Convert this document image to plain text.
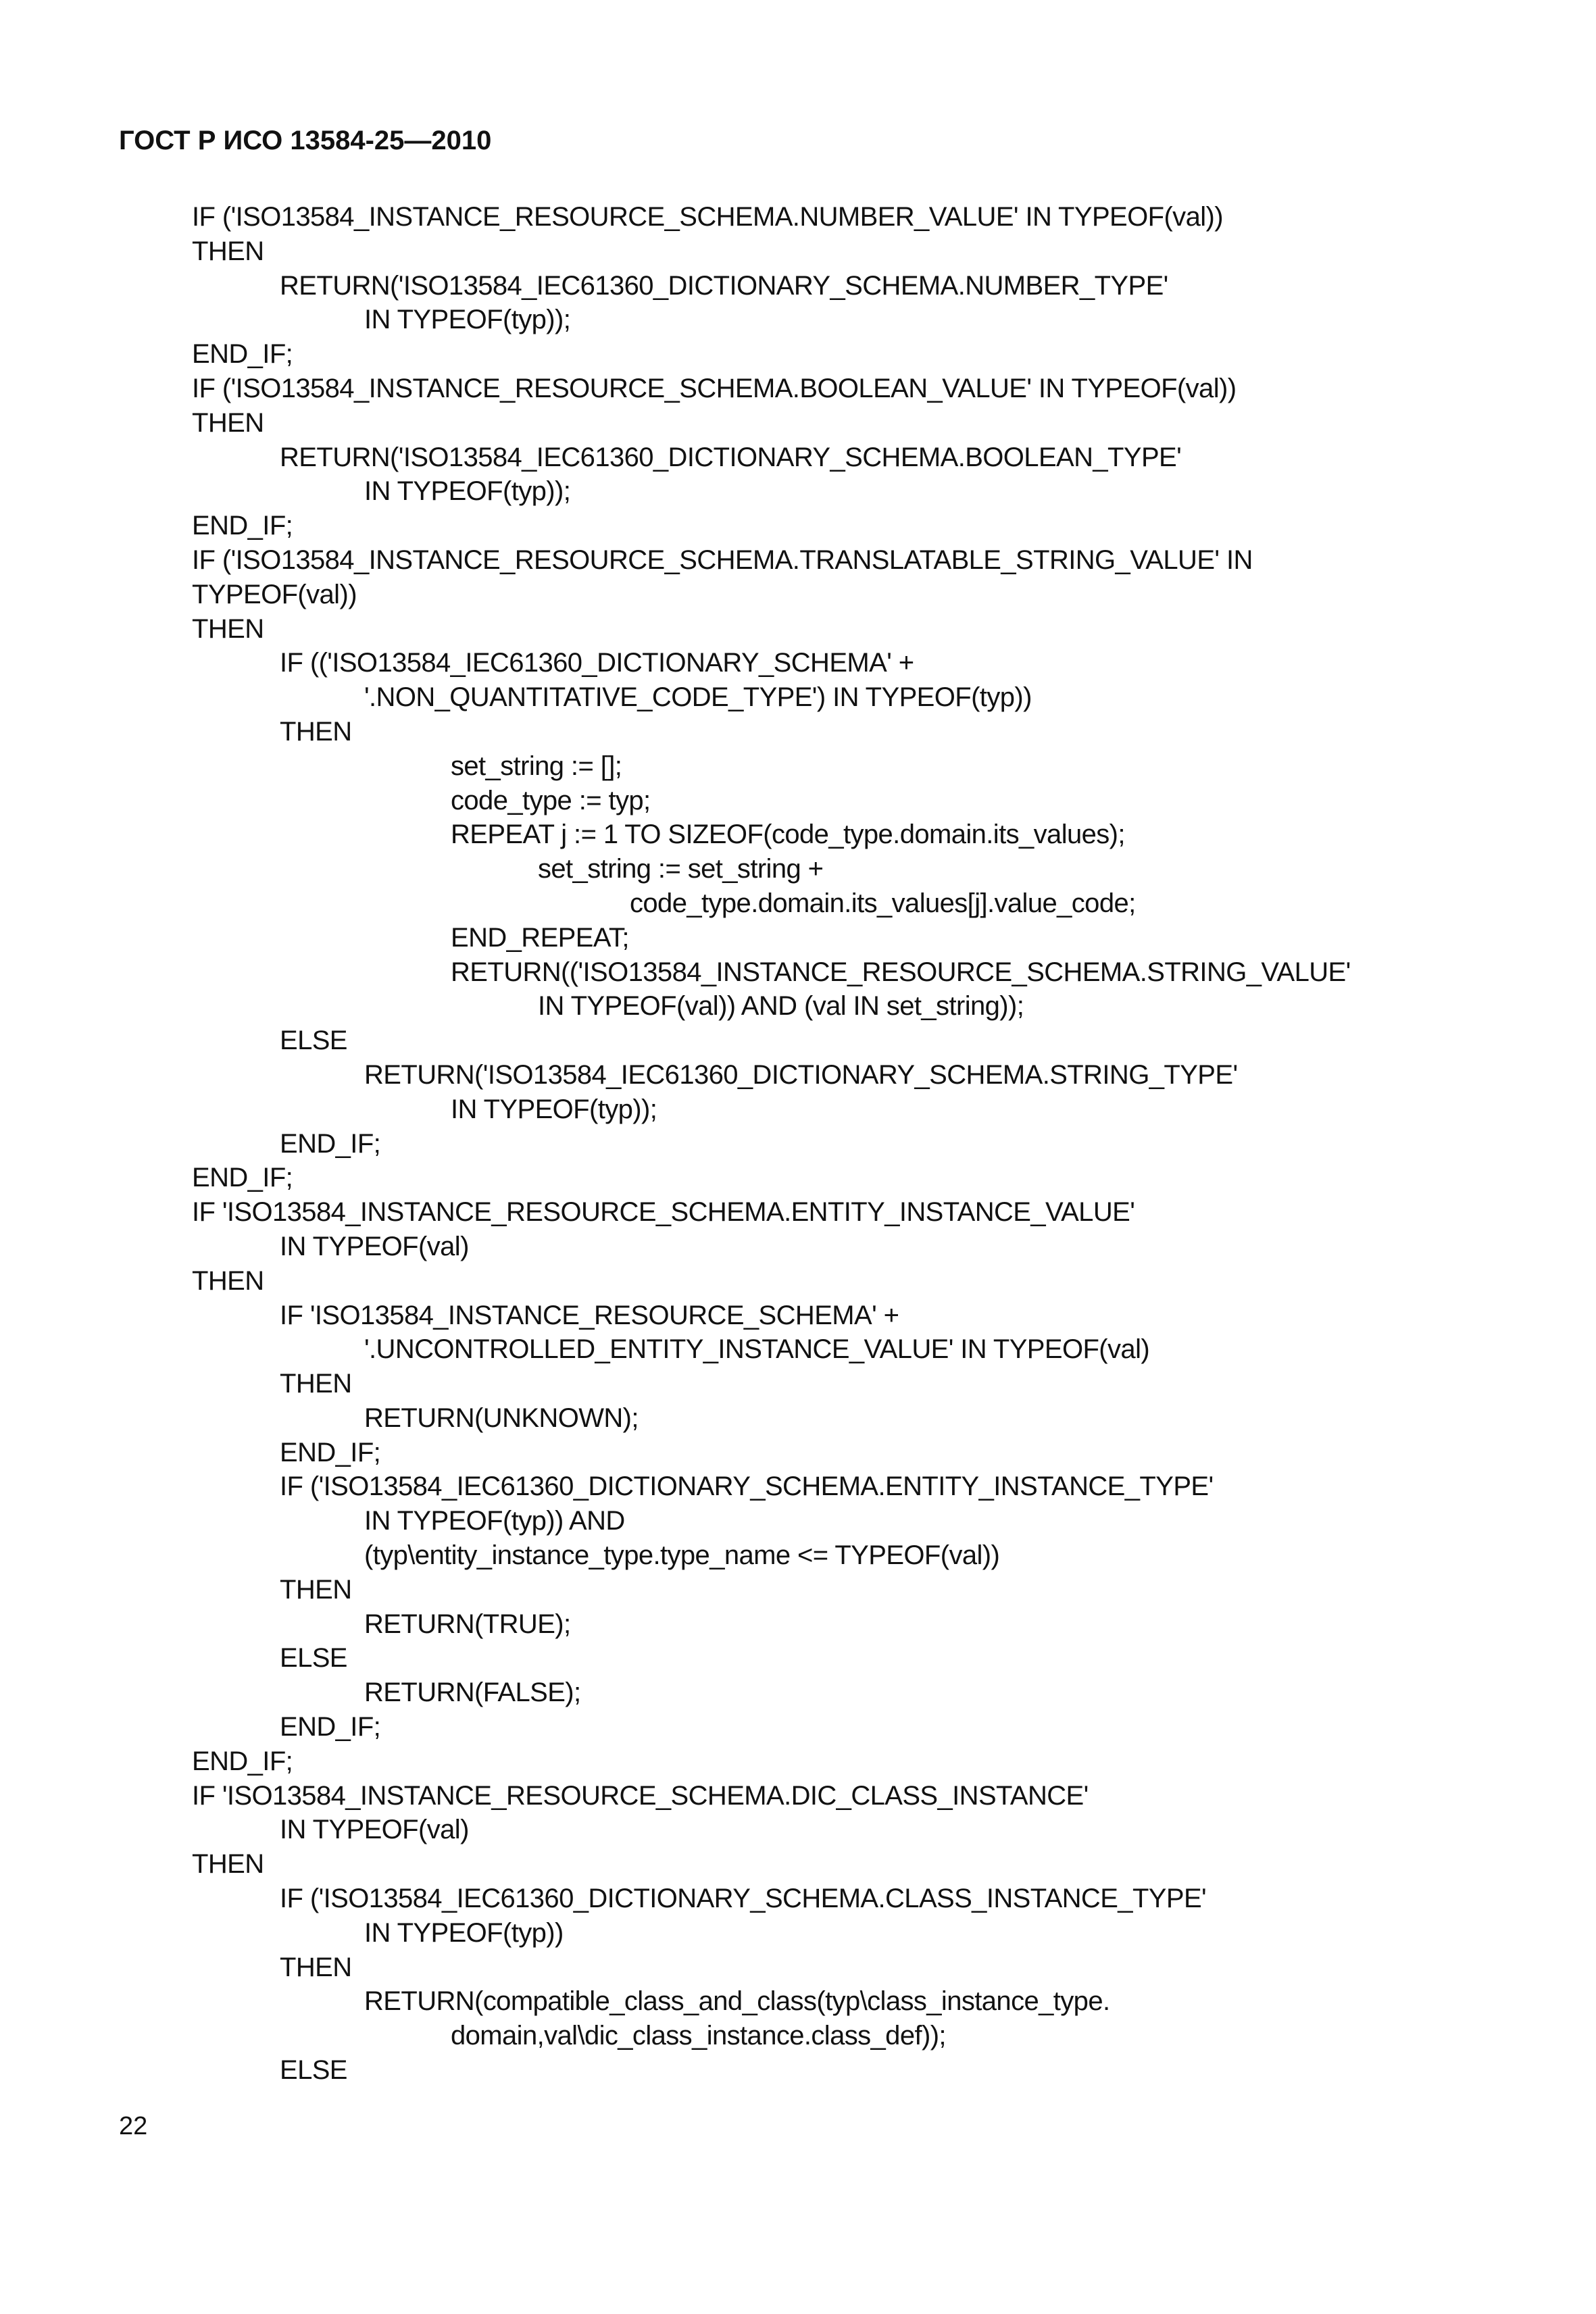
ГОСТ Р ИСО 13584-25—2010
IF ('ISO13584_INSTANCE_RESOURCE_SCHEMA.NUMBER_VALUE' IN TYPEOF(val))
THEN
RETURN('ISO13584_IEC61360_DICTIONARY_SCHEMA.NUMBER_TYPE'
IN TYPEOF(typ));
END_IF;
IF ('ISO13584_INSTANCE_RESOURCE_SCHEMA.BOOLEAN_VALUE' IN TYPEOF(val))
THEN
RETURN('ISO13584_IEC61360_DICTIONARY_SCHEMA.BOOLEAN_TYPE'
IN TYPEOF(typ));
END_IF;
IF ('ISO13584_INSTANCE_RESOURCE_SCHEMA.TRANSLATABLE_STRING_VALUE' IN
TYPEOF(val))
THEN
IF (('ISO13584_IEC61360_DICTIONARY_SCHEMA' +
'.NON_QUANTITATIVE_CODE_TYPE') IN TYPEOF(typ))
THEN
set_string := [];
code_type := typ;
REPEAT j := 1 TO SIZEOF(code_type.domain.its_values);
set_string := set_string +
code_type.domain.its_values[j].value_code;
END_REPEAT;
RETURN(('ISO13584_INSTANCE_RESOURCE_SCHEMA.STRING_VALUE'
IN TYPEOF(val)) AND (val IN set_string));
ELSE
RETURN('ISO13584_IEC61360_DICTIONARY_SCHEMA.STRING_TYPE'
IN TYPEOF(typ));
END_IF;
END_IF;
IF 'ISO13584_INSTANCE_RESOURCE_SCHEMA.ENTITY_INSTANCE_VALUE'
IN TYPEOF(val)
THEN
IF 'ISO13584_INSTANCE_RESOURCE_SCHEMA' +
'.UNCONTROLLED_ENTITY_INSTANCE_VALUE' IN TYPEOF(val)
THEN
RETURN(UNKNOWN);
END_IF;
IF ('ISO13584_IEC61360_DICTIONARY_SCHEMA.ENTITY_INSTANCE_TYPE'
IN TYPEOF(typ)) AND
(typ\entity_instance_type.type_name <= TYPEOF(val))
THEN
RETURN(TRUE);
ELSE
RETURN(FALSE);
END_IF;
END_IF;
IF 'ISO13584_INSTANCE_RESOURCE_SCHEMA.DIC_CLASS_INSTANCE'
IN TYPEOF(val)
THEN
IF ('ISO13584_IEC61360_DICTIONARY_SCHEMA.CLASS_INSTANCE_TYPE'
IN TYPEOF(typ))
THEN
RETURN(compatible_class_and_class(typ\class_instance_type.
domain,val\dic_class_instance.class_def));
ELSE
22
